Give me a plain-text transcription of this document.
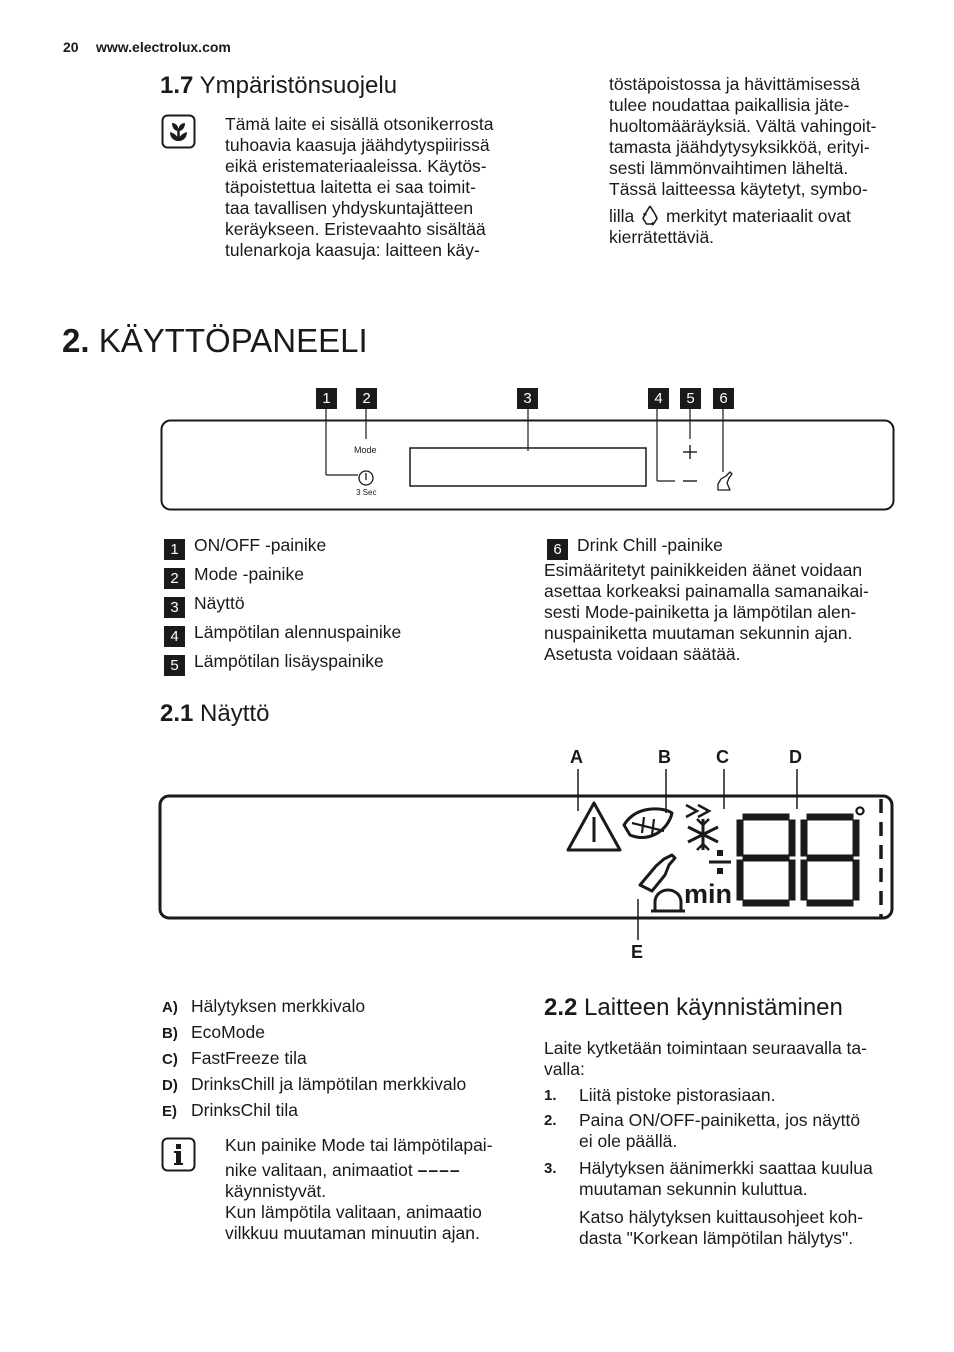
20 www.electrolux.com
1.7 Ympäristönsuojelu

Tämä laite ei sisällä otsonikerrosta

tuhoavia kaasuja jäähdytyspiirissä

eikä eristemateriaaleissa. Käytös-

täpoistettua laitetta ei saa toimit-

taa tavallisen yhdyskuntajätteen

keräykseen. Eristevaahto sisältää

tulenarkoja kaasuja: laitteen käy-

töstäpoistossa ja hävittämisessä

tulee noudattaa paikallisia jäte-

huoltomääräyksiä. Vältä vahingoit-

tamasta jäähdytysyksikköä, erityi-

sesti lämmönvaihtimen läheltä.

Tässä laitteessa käytetyt, symbo-

lilla merkityt materiaalit ovat

kierrätettäviä.

2. KÄYTTÖPANEELI
1	2	3	4	5	6
Mode
3 Sec
1 ON/OFF -painike
2 Mode -painike
3 Näyttö
4 Lämpötilan alennuspainike
5 Lämpötilan lisäyspainike
6 Drink Chill -painike

Esimääritetyt painikkeiden äänet voidaan

asettaa korkeaksi painamalla samanaikai-

sesti Mode-painiketta ja lämpötilan alen-

nuspainiketta muutaman sekunnin ajan.

Asetusta voidaan säätää.

2.1 Näyttö
A	B	C	D
E
min
°
A) Hälytyksen merkkivalo
B) EcoMode
C) FastFreeze tila
D) DrinksChill ja lämpötilan merkkivalo
E) DrinksChil tila

Kun painike Mode tai lämpötilapai-

nike valitaan, animaatiot ––––

käynnistyvät.

Kun lämpötila valitaan, animaatio

vilkkuu muutaman minuutin ajan.

2.2 Laitteen käynnistäminen

Laite kytketään toimintaan seuraavalla ta-

valla:

1. Liitä pistoke pistorasiaan.
2. Paina ON/OFF-painiketta, jos näyttö
ei ole päällä.
3. Hälytyksen äänimerkki saattaa kuulua
muutaman sekunnin kuluttua.

Katso hälytyksen kuittausohjeet koh-

dasta "Korkean lämpötilan hälytys".
